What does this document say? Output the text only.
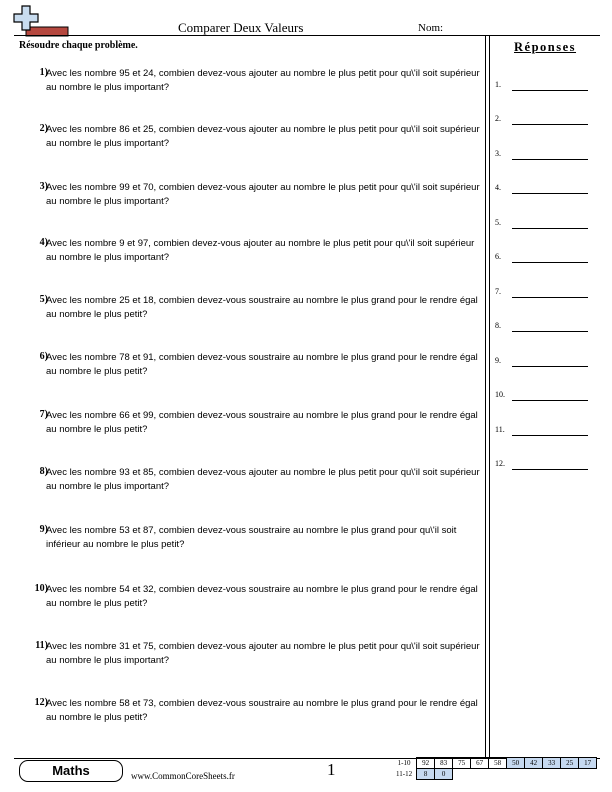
Comparer Deux Valeurs	Nom:
Résoudre chaque problème.
1)
Avec les nombre 95 et 24, combien devez-vous ajouter au nombre le plus petit pour qu\'il soit supérieur au nombre le plus important?
2)
Avec les nombre 86 et 25, combien devez-vous ajouter au nombre le plus petit pour qu\'il soit supérieur au nombre le plus important?
3)
Avec les nombre 99 et 70, combien devez-vous ajouter au nombre le plus petit pour qu\'il soit supérieur au nombre le plus important?
4)
Avec les nombre 9 et 97, combien devez-vous ajouter au nombre le plus petit pour qu\'il soit supérieur au nombre le plus important?
5)
Avec les nombre 25 et 18, combien devez-vous soustraire au nombre le plus grand pour le rendre égal au nombre le plus petit?
6)
Avec les nombre 78 et 91, combien devez-vous soustraire au nombre le plus grand pour le rendre égal au nombre le plus petit?
7)
Avec les nombre 66 et 99, combien devez-vous soustraire au nombre le plus grand pour le rendre égal au nombre le plus petit?
8)
Avec les nombre 93 et 85, combien devez-vous ajouter au nombre le plus petit pour qu\'il soit supérieur au nombre le plus important?
9)
Avec les nombre 53 et 87, combien devez-vous soustraire au nombre le plus grand pour qu\'il soit inférieur au nombre le plus petit?
10)
Avec les nombre 54 et 32, combien devez-vous soustraire au nombre le plus grand pour le rendre égal au nombre le plus petit?
11)
Avec les nombre 31 et 75, combien devez-vous ajouter au nombre le plus petit pour qu\'il soit supérieur au nombre le plus important?
12)
Avec les nombre 58 et 73, combien devez-vous soustraire au nombre le plus grand pour le rendre égal au nombre le plus petit?
Réponses
1.
2.
3.
4.
5.
6.
7.
8.
9.
10.
11.
12.
Maths	www.CommonCoreSheets.fr	1	1-10	92	83	75	67	58	50	42	33	25	17
11-12	8	0								
